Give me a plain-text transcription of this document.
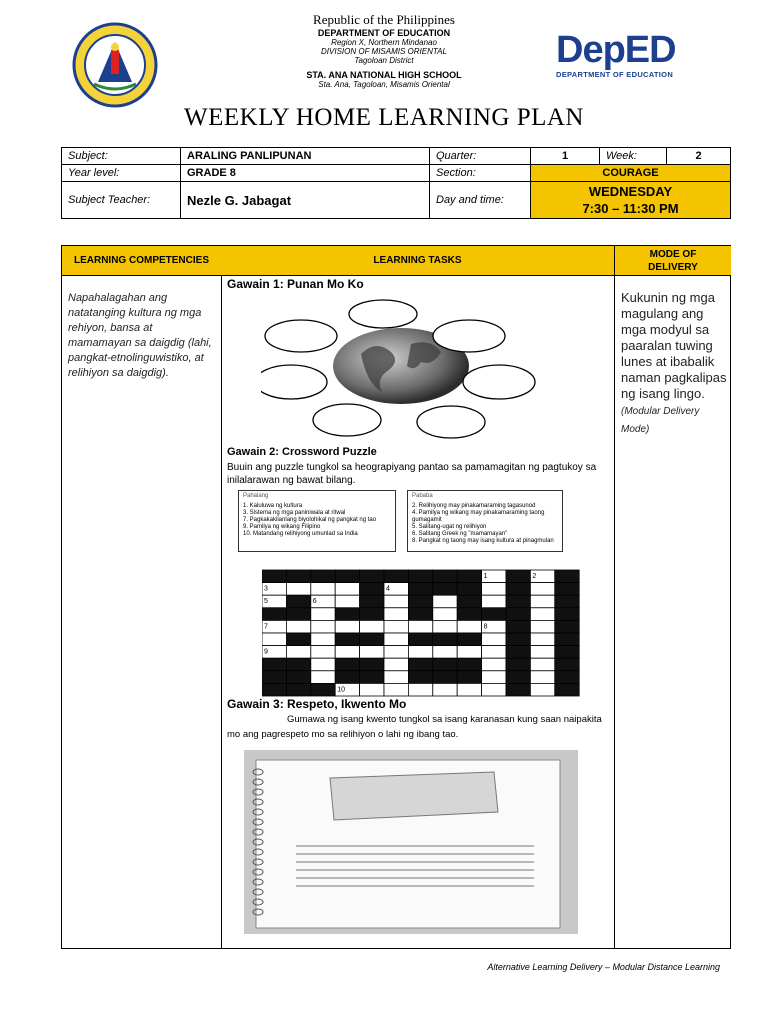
Republic of the Philippines
DEPARTMENT OF EDUCATION
Region X, Northern Mindanao
DIVISION OF MISAMIS ORIENTAL
Tagoloan District
STA. ANA NATIONAL HIGH SCHOOL
Sta. Ana, Tagoloan, Misamis Oriental
DepED
DEPARTMENT OF EDUCATION
WEEKLY HOME LEARNING PLAN
Subject:	ARALING PANLIPUNAN	Quarter:	1	Week:	2
Year level:	GRADE 8	Section:	COURAGE		
Subject Teacher:	Nezle G. Jabagat	Day and time:	WEDNESDAY
7:30 – 11:30 PM		
LEARNING COMPETENCIES
Napahalagahan ang natatanging kultura ng mga rehiyon, bansa at mamamayan sa daigdig (lahi, pangkat-etnolinguwistiko, at relihiyon sa daigdig).
LEARNING TASKS
Gawain 1: Punan Mo Ko
Gawain 2: Crossword Puzzle
Buuin ang puzzle tungkol sa heograpiyang pantao sa pamamagitan ng pagtukoy sa inilalarawan ng bawat bilang.
Pahalang
1. Kaluluwa ng kultura
3. Sistema ng mga paniniwala at ritwal
7. Pagkakakilanlang biyolohikal ng pangkat ng tao
9. Pamilya ng wikang Filipino
10. Matandang relihiyong umunlad sa India
Pababa
2. Relihiyong may pinakamaraming tagasunod
4. Pamilya ng wikang may pinakamaraming taong gumagamit
5. Salitang-ugat ng relihiyon
6. Salitang Greek ng "mamamayan"
8. Pangkat ng taong may isang kultura at pinagmulan
1	2
3	4
5	6
7	8
9
10
Gawain 3: Respeto, Ikwento Mo
Gumawa ng isang kwento tungkol sa isang karanasan kung saan naipakita mo ang pagrespeto mo sa relihiyon o lahi ng ibang tao.
MODE OF DELIVERY
Kukunin ng mga magulang ang mga modyul sa paaralan tuwing lunes at ibabalik naman pagkalipas ng isang lingo. (Modular Delivery Mode)
Alternative Learning Delivery – Modular Distance Learning
